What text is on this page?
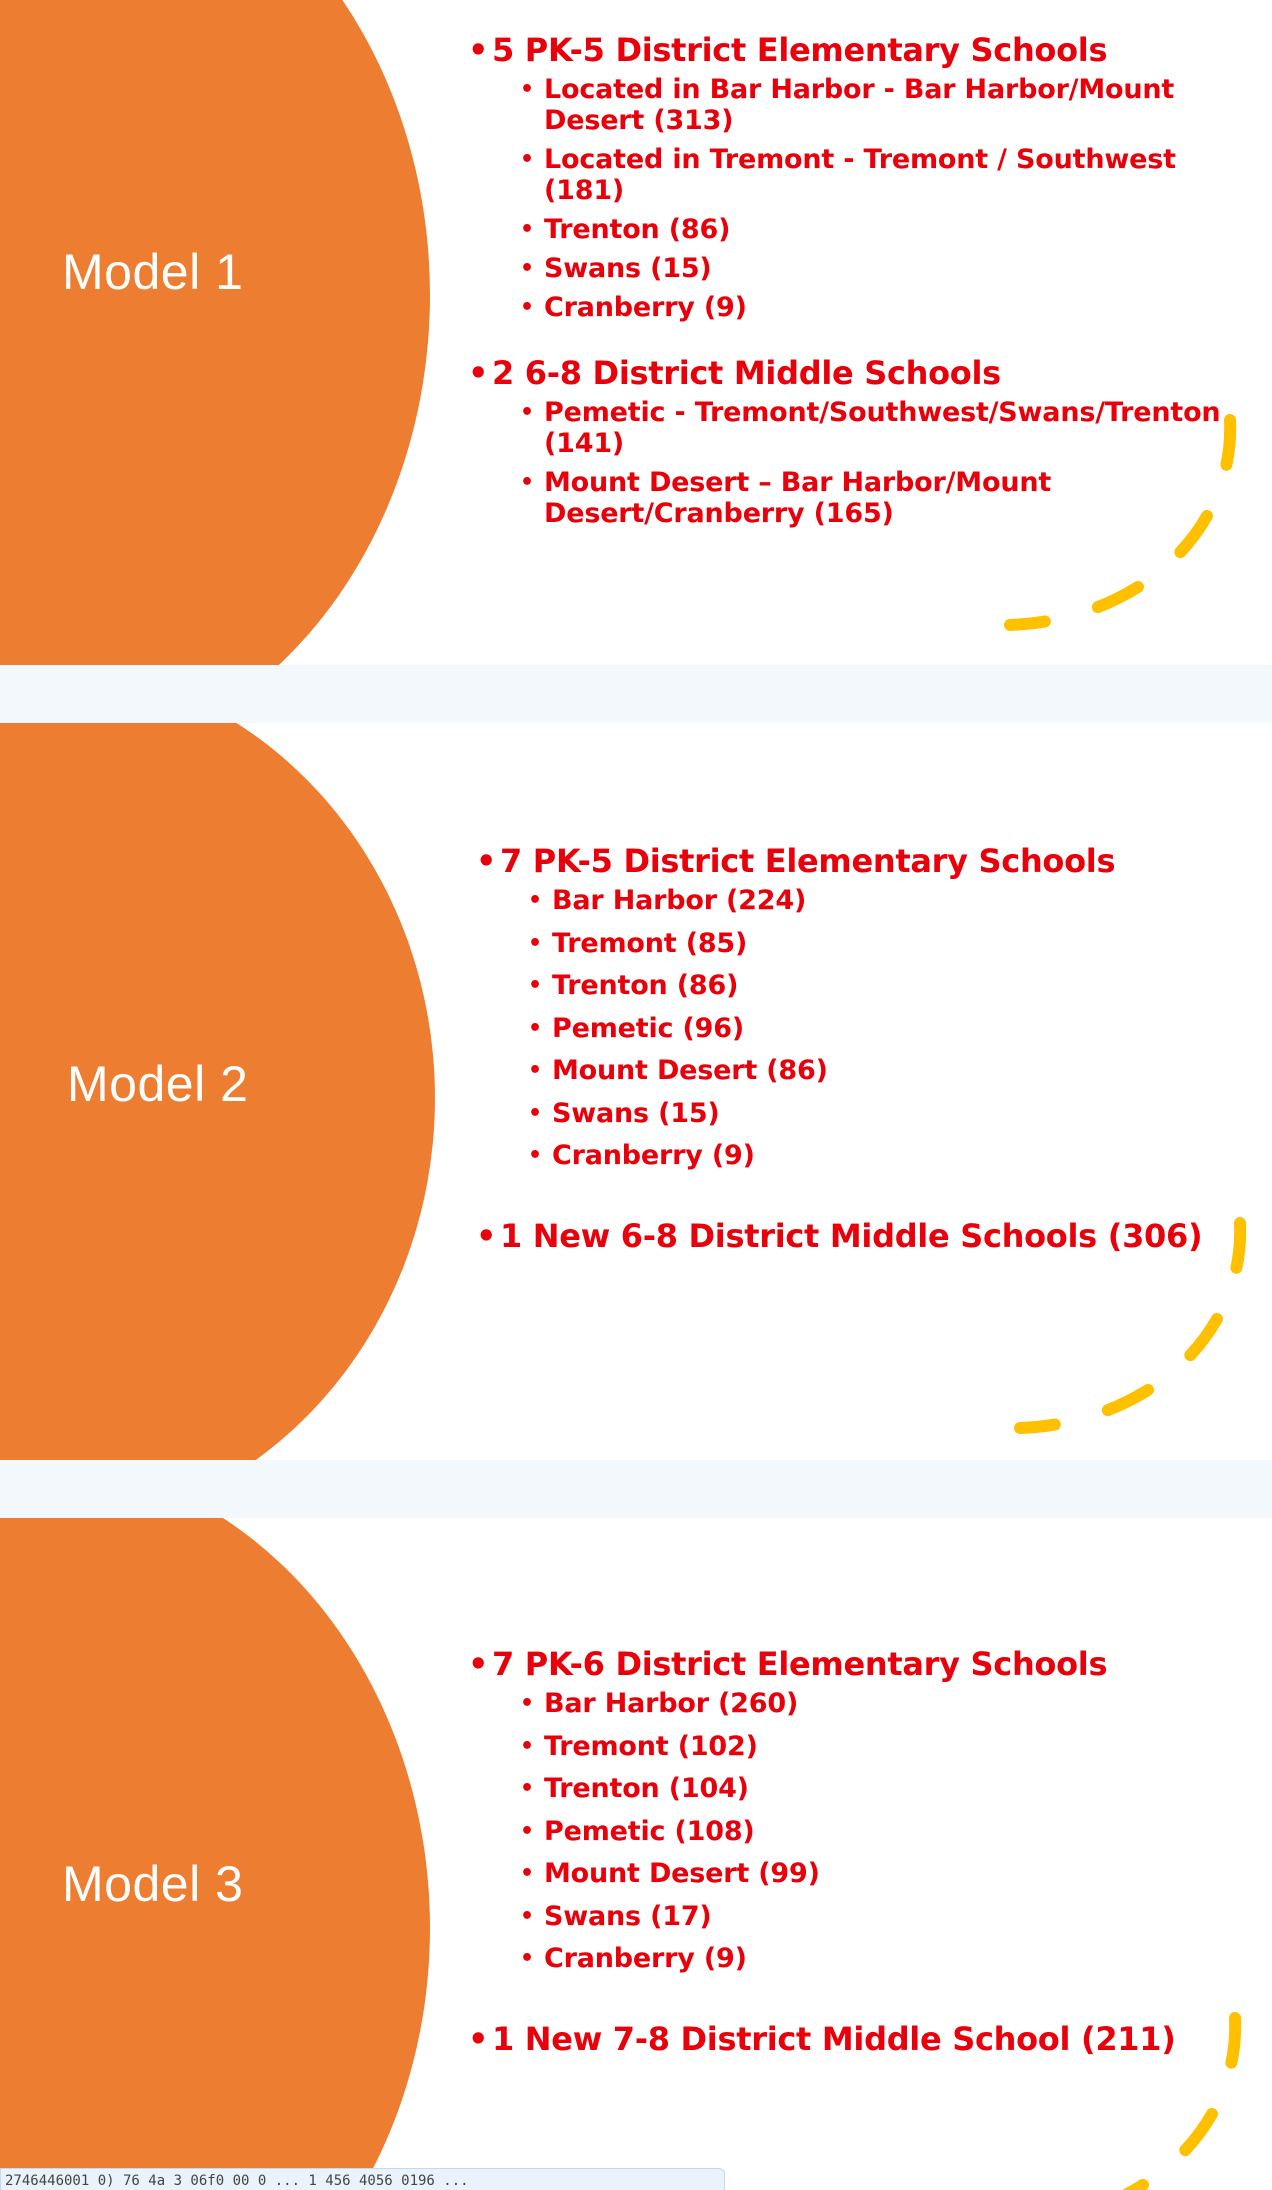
Model 1
• 5 PK-5 District Elementary Schools
• Located in Bar Harbor - Bar Harbor/Mount Desert (313)
• Located in Tremont - Tremont / Southwest (181)
• Trenton (86)
• Swans (15)
• Cranberry (9)
• 2 6-8 District Middle Schools
• Pemetic - Tremont/Southwest/Swans/Trenton (141)
• Mount Desert – Bar Harbor/Mount Desert/Cranberry (165)
Model 2
• 7 PK-5 District Elementary Schools
• Bar Harbor (224)
• Tremont (85)
• Trenton (86)
• Pemetic (96)
• Mount Desert (86)
• Swans (15)
• Cranberry (9)
• 1 New 6-8 District Middle Schools (306)
Model 3
• 7 PK-6 District Elementary Schools
• Bar Harbor (260)
• Tremont (102)
• Trenton (104)
• Pemetic (108)
• Mount Desert (99)
• Swans (17)
• Cranberry (9)
• 1 New 7-8 District Middle School (211)
2746446001 0) 76 4a 3 06f0 00 0 ... 1 456 4056 0196 ...
